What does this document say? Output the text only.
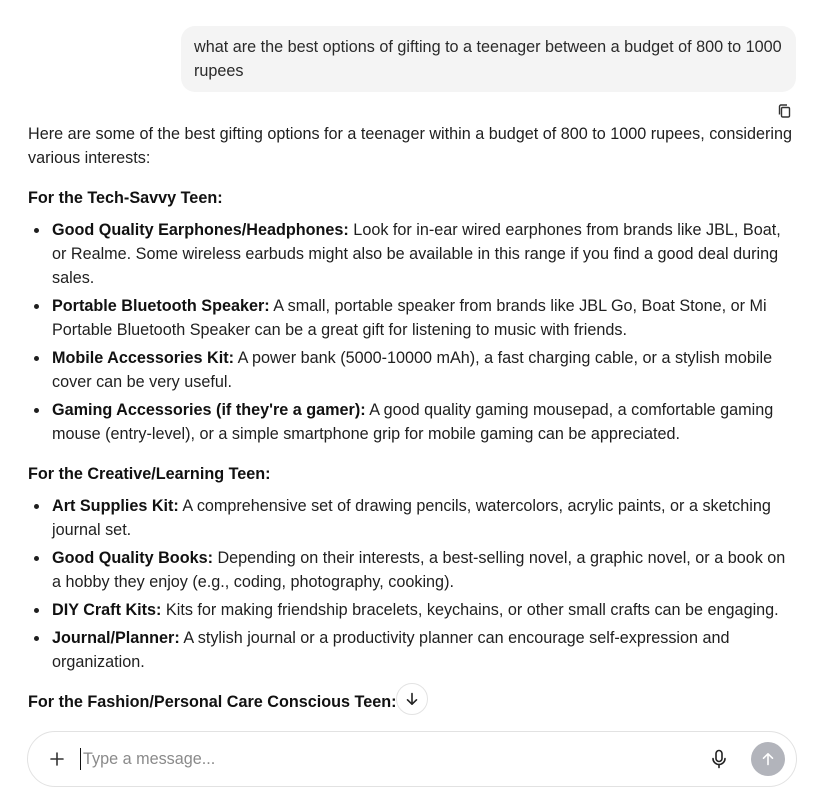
what are the best options of gifting to a teenager between a budget of 800 to 1000 rupees

Here are some of the best gifting options for a teenager within a budget of 800 to 1000 rupees, considering various interests:

For the Tech-Savvy Teen:
Good Quality Earphones/Headphones: Look for in-ear wired earphones from brands like JBL, Boat, or Realme. Some wireless earbuds might also be available in this range if you find a good deal during sales.
Portable Bluetooth Speaker: A small, portable speaker from brands like JBL Go, Boat Stone, or Mi Portable Bluetooth Speaker can be a great gift for listening to music with friends.
Mobile Accessories Kit: A power bank (5000-10000 mAh), a fast charging cable, or a stylish mobile cover can be very useful.
Gaming Accessories (if they're a gamer): A good quality gaming mousepad, a comfortable gaming mouse (entry-level), or a simple smartphone grip for mobile gaming can be appreciated.
For the Creative/Learning Teen:
Art Supplies Kit: A comprehensive set of drawing pencils, watercolors, acrylic paints, or a sketching journal set.
Good Quality Books: Depending on their interests, a best-selling novel, a graphic novel, or a book on a hobby they enjoy (e.g., coding, photography, cooking).
DIY Craft Kits: Kits for making friendship bracelets, keychains, or other small crafts can be engaging.
Journal/Planner: A stylish journal or a productivity planner can encourage self-expression and organization.
For the Fashion/Personal Care Conscious Teen:
Type a message...
